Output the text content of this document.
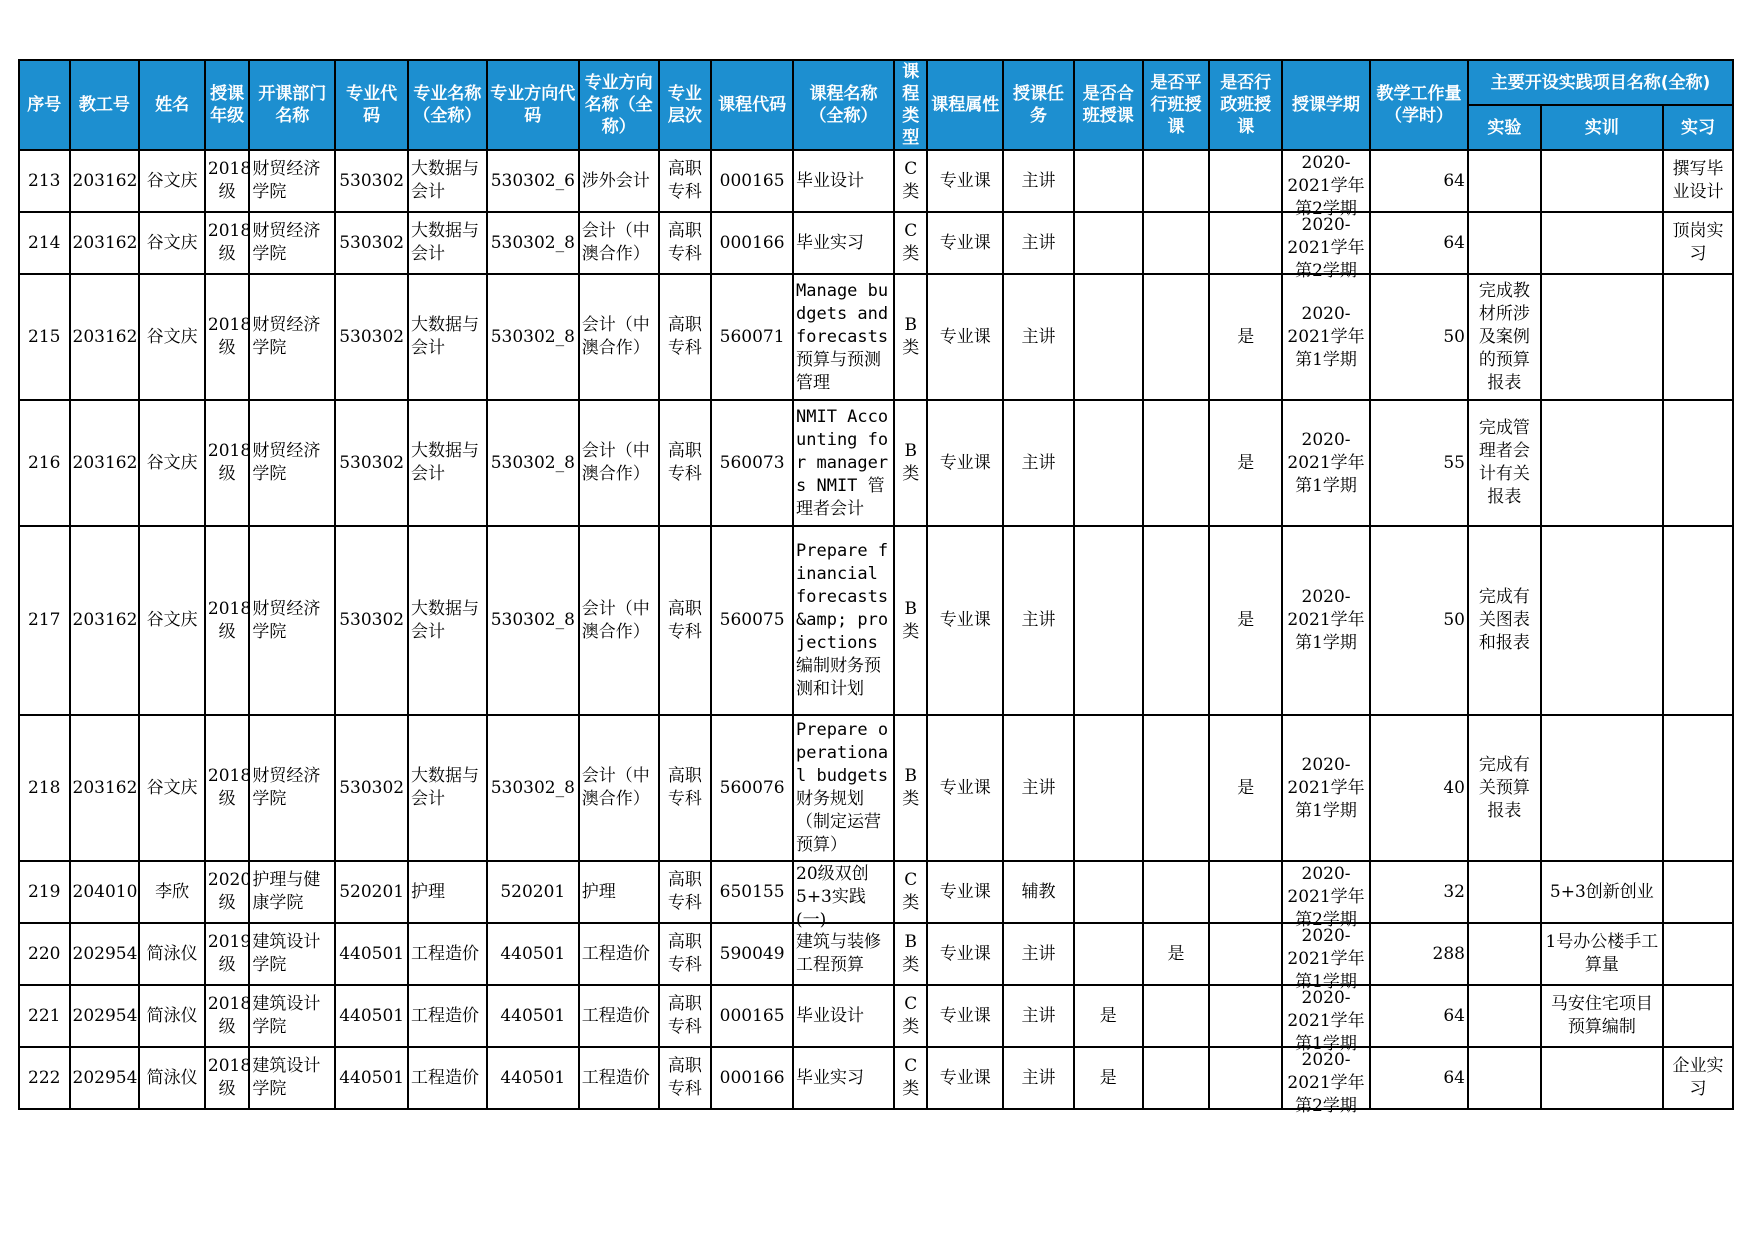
序号	教工号	姓名	授课年级	开课部门名称	专业代码	专业名称（全称）	专业方向代码	专业方向名称（全称）	专业层次	课程代码	课程名称（全称）	课程类型	课程属性	授课任务	是否合班授课	是否平行班授课	是否行政班授课	授课学期	教学工作量（学时）	主要开设实践项目名称(全称)		
																				实验	实训	实习

213	203162	谷文庆	2018级	财贸经济学院	530302	大数据与会计	530302_6	涉外会计	高职专科	000165	毕业设计	C类	专业课	主讲				2020-2021学年第2学期	64			撰写毕业设计

214	203162	谷文庆	2018级	财贸经济学院	530302	大数据与会计	530302_8	会计（中澳合作）	高职专科	000166	毕业实习	C类	专业课	主讲				2020-2021学年第2学期	64			顶岗实习

215	203162	谷文庆	2018级	财贸经济学院	530302	大数据与会计	530302_8	会计（中澳合作）	高职专科	560071	Manage budgets and forecasts 预算与预测管理	B类	专业课	主讲			是	2020-2021学年第1学期	50	完成教材所涉及案例的预算报表		

216	203162	谷文庆	2018级	财贸经济学院	530302	大数据与会计	530302_8	会计（中澳合作）	高职专科	560073	NMIT Accounting for managers NMIT 管理者会计	B类	专业课	主讲			是	2020-2021学年第1学期	55	完成管理者会计有关报表		

217	203162	谷文庆	2018级	财贸经济学院	530302	大数据与会计	530302_8	会计（中澳合作）	高职专科	560075	Prepare financial forecasts &amp; projections 编制财务预测和计划	B类	专业课	主讲			是	2020-2021学年第1学期	50	完成有关图表和报表		

218	203162	谷文庆	2018级	财贸经济学院	530302	大数据与会计	530302_8	会计（中澳合作）	高职专科	560076	Prepare operational budgets 财务规划（制定运营预算）	B类	专业课	主讲			是	2020-2021学年第1学期	40	完成有关预算报表		

219	204010	李欣	2020级	护理与健康学院	520201	护理	520201	护理	高职专科	650155	20级双创5+3实践(一)	C类	专业课	辅教				2020-2021学年第2学期	32		5+3创新创业	

220	202954	简泳仪	2019级	建筑设计学院	440501	工程造价	440501	工程造价	高职专科	590049	建筑与装修工程预算	B类	专业课	主讲		是		2020-2021学年第1学期	288		1号办公楼手工算量	

221	202954	简泳仪	2018级	建筑设计学院	440501	工程造价	440501	工程造价	高职专科	000165	毕业设计	C类	专业课	主讲	是			2020-2021学年第1学期	64		马安住宅项目预算编制	

222	202954	简泳仪	2018级	建筑设计学院	440501	工程造价	440501	工程造价	高职专科	000166	毕业实习	C类	专业课	主讲	是			2020-2021学年第2学期	64			企业实习
